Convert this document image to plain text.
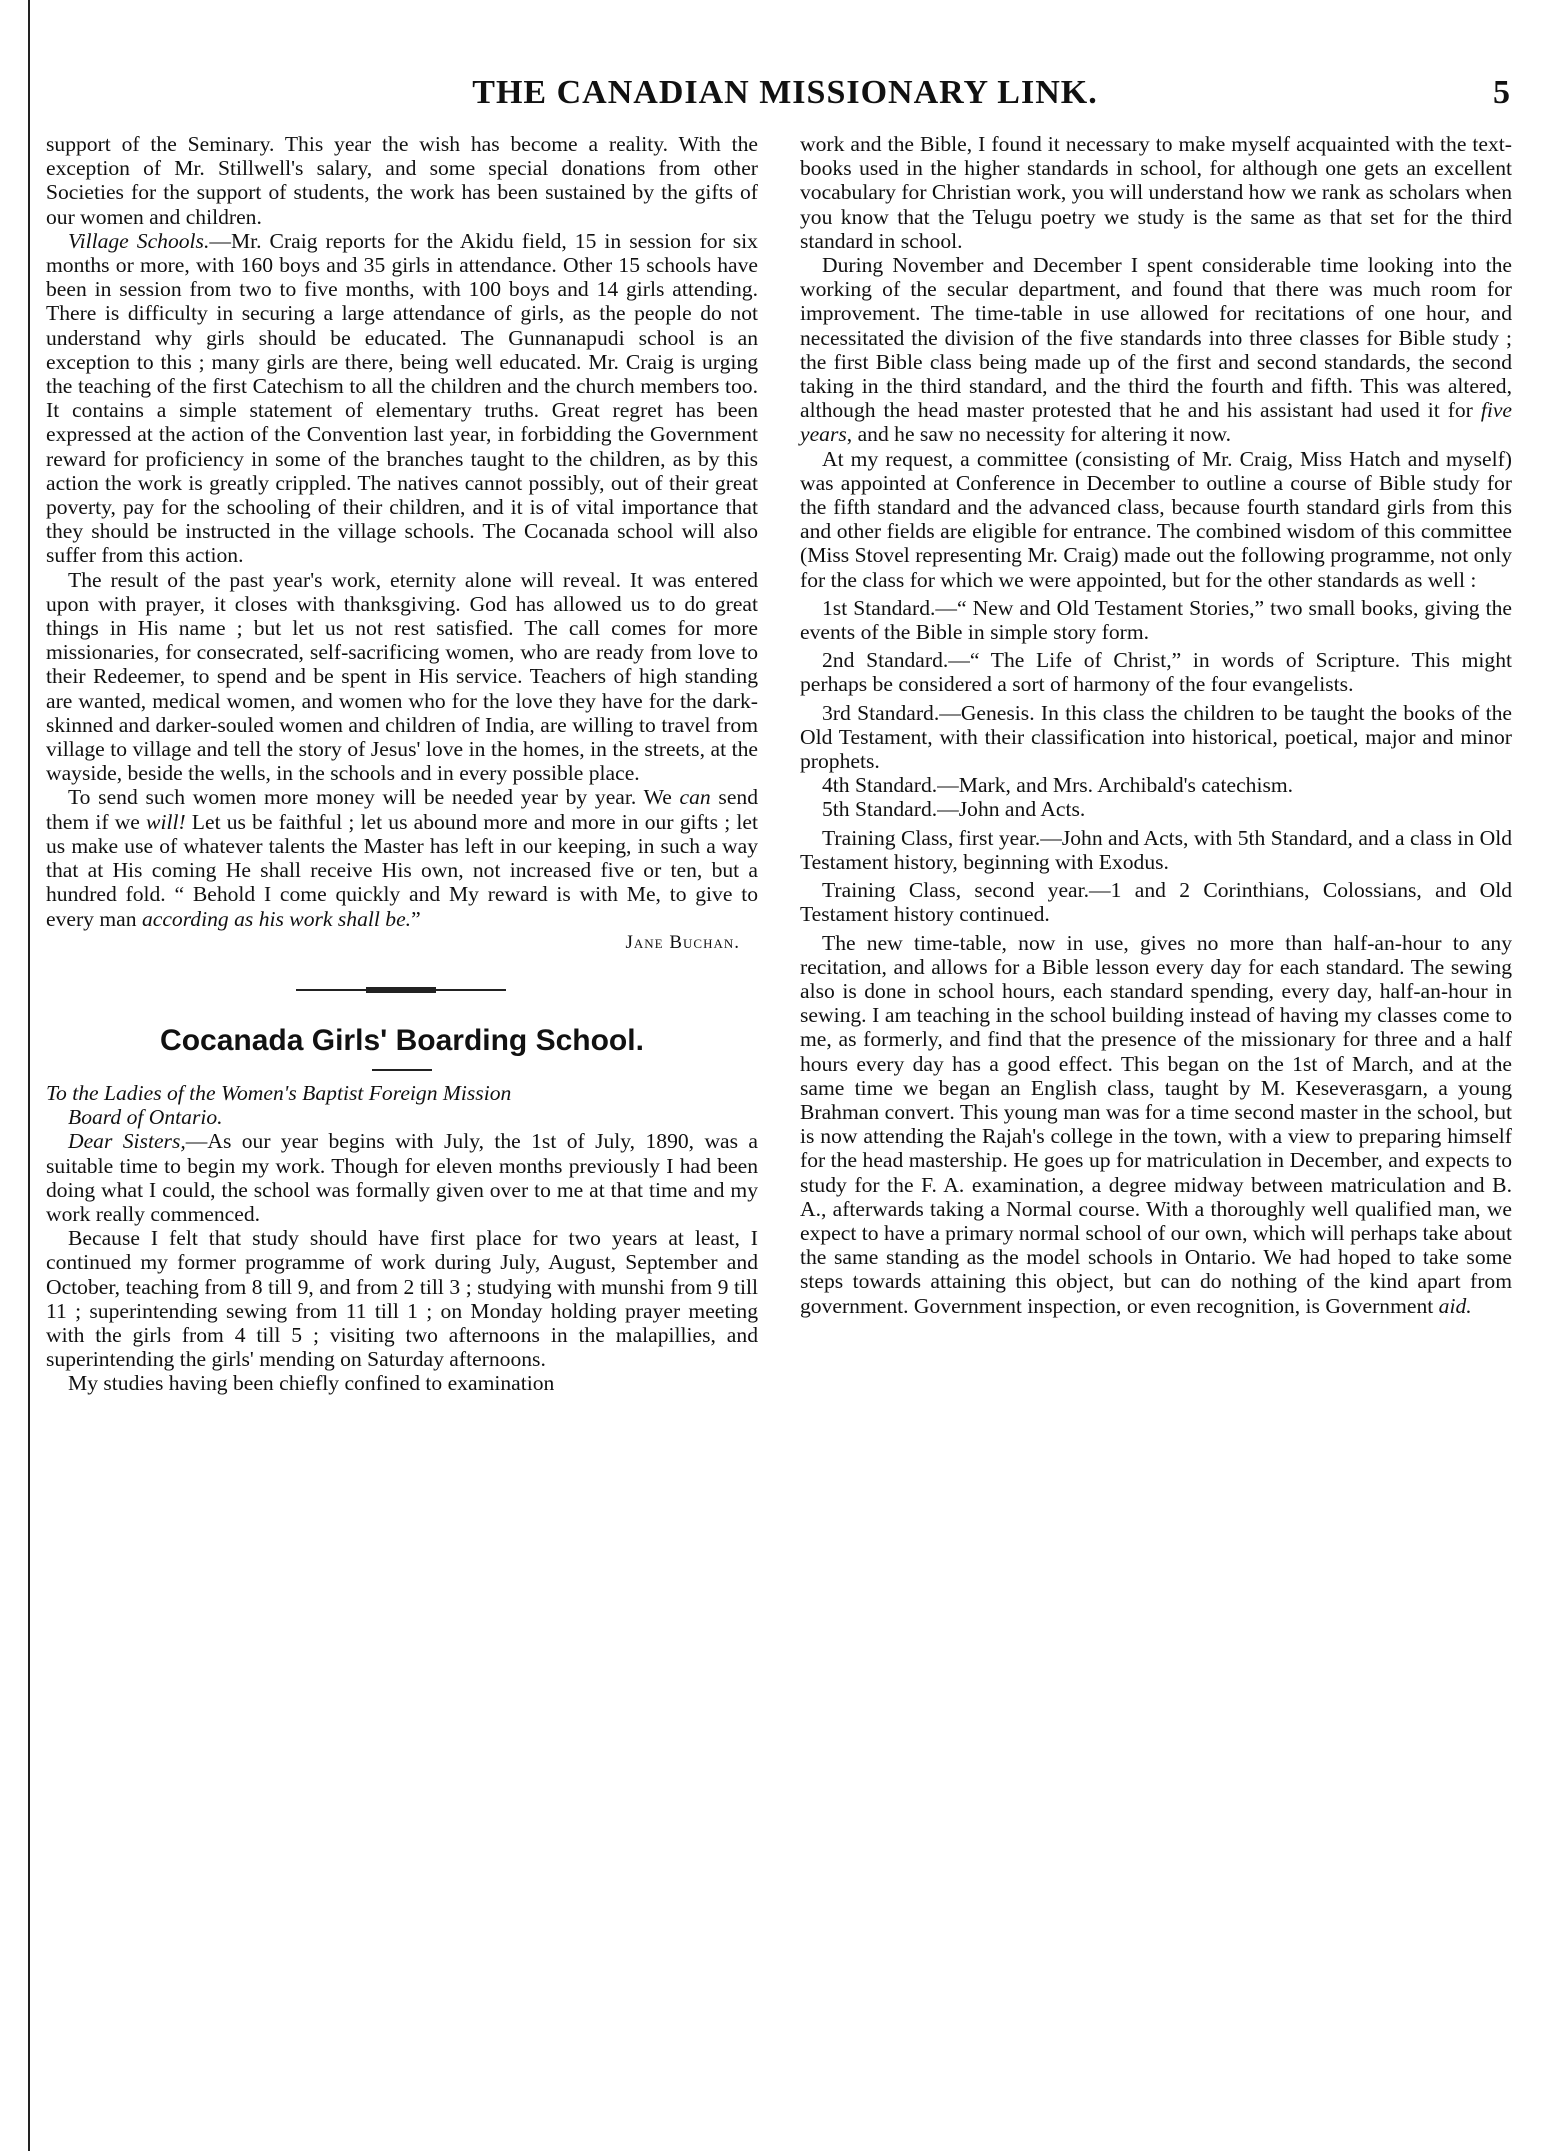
THE CANADIAN MISSIONARY LINK.	5

support of the Seminary. This year the wish has become a reality. With the exception of Mr. Stillwell's salary, and some special donations from other Societies for the support of students, the work has been sustained by the gifts of our women and children.

Village Schools.—Mr. Craig reports for the Akidu field, 15 in session for six months or more, with 160 boys and 35 girls in attendance. Other 15 schools have been in session from two to five months, with 100 boys and 14 girls attending. There is difficulty in securing a large attendance of girls, as the people do not understand why girls should be educated. The Gunnanapudi school is an exception to this ; many girls are there, being well educated. Mr. Craig is urging the teaching of the first Catechism to all the children and the church members too. It contains a simple statement of elementary truths. Great regret has been expressed at the action of the Convention last year, in forbidding the Government reward for proficiency in some of the branches taught to the children, as by this action the work is greatly crippled. The natives cannot possibly, out of their great poverty, pay for the schooling of their children, and it is of vital importance that they should be instructed in the village schools. The Cocanada school will also suffer from this action.

The result of the past year's work, eternity alone will reveal. It was entered upon with prayer, it closes with thanksgiving. God has allowed us to do great things in His name ; but let us not rest satisfied. The call comes for more missionaries, for consecrated, self-sacrificing women, who are ready from love to their Redeemer, to spend and be spent in His service. Teachers of high standing are wanted, medical women, and women who for the love they have for the dark-skinned and darker-souled women and children of India, are willing to travel from village to village and tell the story of Jesus' love in the homes, in the streets, at the wayside, beside the wells, in the schools and in every possible place.

To send such women more money will be needed year by year. We can send them if we will! Let us be faithful ; let us abound more and more in our gifts ; let us make use of whatever talents the Master has left in our keeping, in such a way that at His coming He shall receive His own, not increased five or ten, but a hundred fold. “ Behold I come quickly and My reward is with Me, to give to every man according as his work shall be.”

Jane Buchan.

Cocanada Girls' Boarding School.

To the Ladies of the Women's Baptist Foreign Mission
Board of Ontario.

Dear Sisters,—As our year begins with July, the 1st of July, 1890, was a suitable time to begin my work. Though for eleven months previously I had been doing what I could, the school was formally given over to me at that time and my work really commenced.

Because I felt that study should have first place for two years at least, I continued my former programme of work during July, August, September and October, teaching from 8 till 9, and from 2 till 3 ; studying with munshi from 9 till 11 ; superintending sewing from 11 till 1 ; on Monday holding prayer meeting with the girls from 4 till 5 ; visiting two afternoons in the malapillies, and superintending the girls' mending on Saturday afternoons.

My studies having been chiefly confined to examination

work and the Bible, I found it necessary to make myself acquainted with the text-books used in the higher standards in school, for although one gets an excellent vocabulary for Christian work, you will understand how we rank as scholars when you know that the Telugu poetry we study is the same as that set for the third standard in school.

During November and December I spent considerable time looking into the working of the secular department, and found that there was much room for improvement. The time-table in use allowed for recitations of one hour, and necessitated the division of the five standards into three classes for Bible study ; the first Bible class being made up of the first and second standards, the second taking in the third standard, and the third the fourth and fifth. This was altered, although the head master protested that he and his assistant had used it for five years, and he saw no necessity for altering it now.

At my request, a committee (consisting of Mr. Craig, Miss Hatch and myself) was appointed at Conference in December to outline a course of Bible study for the fifth standard and the advanced class, because fourth standard girls from this and other fields are eligible for entrance. The combined wisdom of this committee (Miss Stovel representing Mr. Craig) made out the following programme, not only for the class for which we were appointed, but for the other standards as well :

1st Standard.—“ New and Old Testament Stories,” two small books, giving the events of the Bible in simple story form.

2nd Standard.—“ The Life of Christ,” in words of Scripture. This might perhaps be considered a sort of harmony of the four evangelists.

3rd Standard.—Genesis. In this class the children to be taught the books of the Old Testament, with their classification into historical, poetical, major and minor prophets.

4th Standard.—Mark, and Mrs. Archibald's catechism.

5th Standard.—John and Acts.

Training Class, first year.—John and Acts, with 5th Standard, and a class in Old Testament history, beginning with Exodus.

Training Class, second year.—1 and 2 Corinthians, Colossians, and Old Testament history continued.

The new time-table, now in use, gives no more than half-an-hour to any recitation, and allows for a Bible lesson every day for each standard. The sewing also is done in school hours, each standard spending, every day, half-an-hour in sewing. I am teaching in the school building instead of having my classes come to me, as formerly, and find that the presence of the missionary for three and a half hours every day has a good effect. This began on the 1st of March, and at the same time we began an English class, taught by M. Keseverasgarn, a young Brahman convert. This young man was for a time second master in the school, but is now attending the Rajah's college in the town, with a view to preparing himself for the head mastership. He goes up for matriculation in December, and expects to study for the F. A. examination, a degree midway between matriculation and B. A., afterwards taking a Normal course. With a thoroughly well qualified man, we expect to have a primary normal school of our own, which will perhaps take about the same standing as the model schools in Ontario. We had hoped to take some steps towards attaining this object, but can do nothing of the kind apart from government. Government inspection, or even recognition, is Government aid.
